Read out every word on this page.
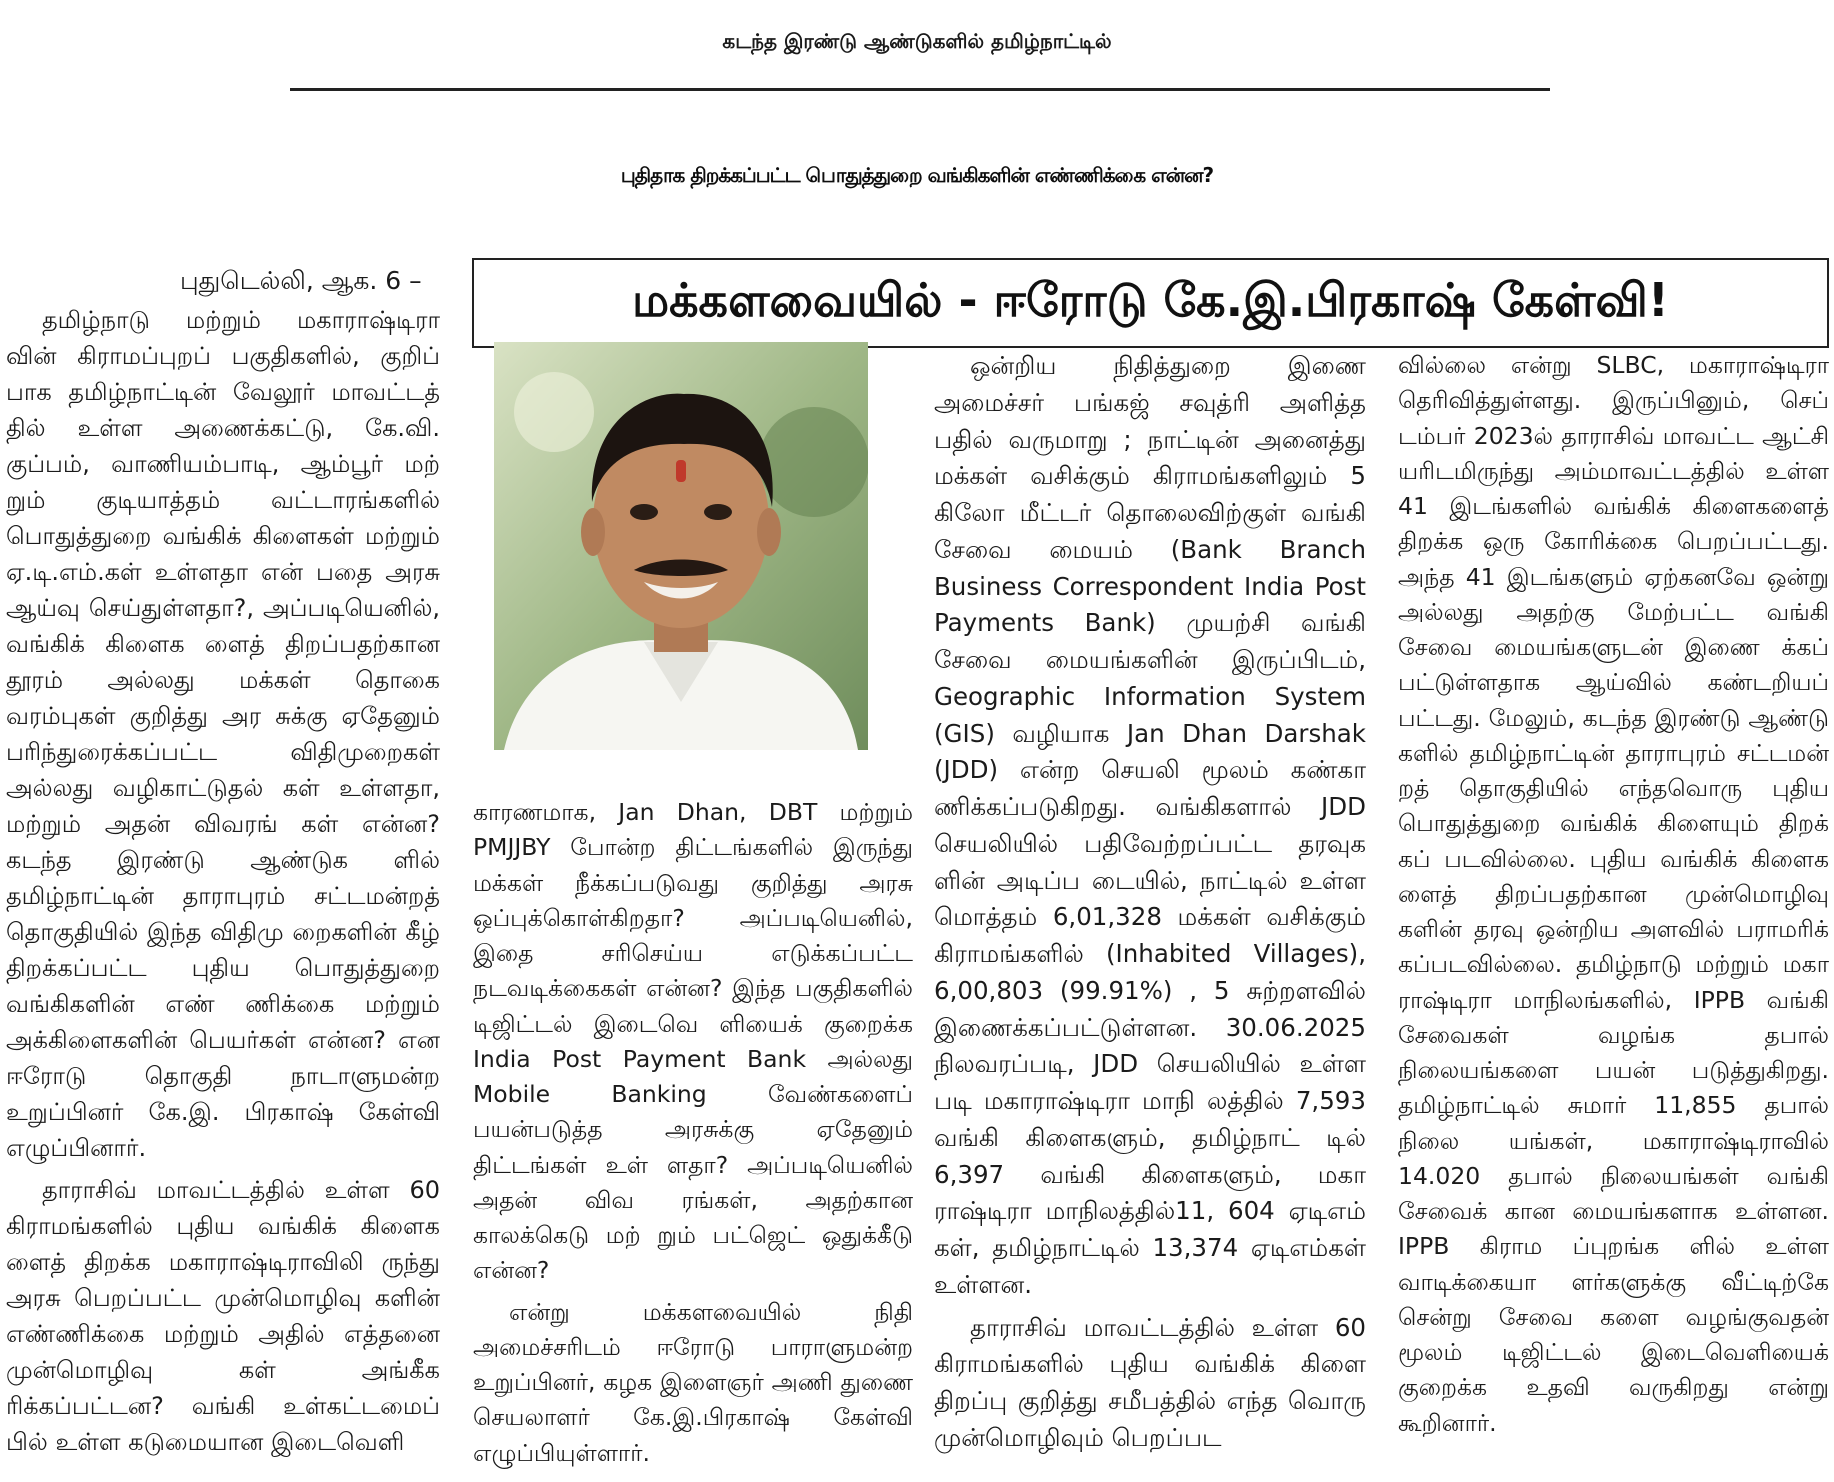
கடந்த இரண்டு ஆண்டுகளில் தமிழ்நாட்டில்
புதிதாக திறக்கப்பட்ட பொதுத்துறை வங்கிகளின் எண்ணிக்கை என்ன?
மக்களவையில் - ஈரோடு கே.இ.பிரகாஷ் கேள்வி!
புதுடெல்லி, ஆக. 6 –

தமிழ்நாடு மற்றும் மகாராஷ்டிரா வின் கிராமப்புறப் பகுதிகளில், குறிப் பாக தமிழ்நாட்டின் வேலூர் மாவட்டத் தில் உள்ள அணைக்கட்டு, கே.வி. குப்பம், வாணியம்பாடி, ஆம்பூர் மற் றும் குடியாத்தம் வட்டாரங்களில் பொதுத்துறை வங்கிக் கிளைகள் மற்றும் ஏ.டி.எம்.கள் உள்ளதா என் பதை அரசு ஆய்வு செய்துள்ளதா?, அப்படியெனில், வங்கிக் கிளைக ளைத் திறப்பதற்கான தூரம் அல்லது மக்கள் தொகை வரம்புகள் குறித்து அர சுக்கு ஏதேனும் பரிந்துரைக்கப்பட்ட விதிமுறைகள் அல்லது வழிகாட்டுதல் கள் உள்ளதா, மற்றும் அதன் விவரங் கள் என்ன? கடந்த இரண்டு ஆண்டுக ளில் தமிழ்நாட்டின் தாராபுரம் சட்டமன்றத் தொகுதியில் இந்த விதிமு றைகளின் கீழ் திறக்கப்பட்ட புதிய பொதுத்துறை வங்கிகளின் எண் ணிக்கை மற்றும் அக்கிளைகளின் பெயர்கள் என்ன? என ஈரோடு தொகுதி நாடாளுமன்ற உறுப்பினர் கே.இ. பிரகாஷ் கேள்வி எழுப்பினார்.

தாராசிவ் மாவட்டத்தில் உள்ள 60 கிராமங்களில் புதிய வங்கிக் கிளைக ளைத் திறக்க மகாராஷ்டிராவிலி ருந்து அரசு பெறப்பட்ட முன்மொழிவு களின் எண்ணிக்கை மற்றும் அதில் எத்தனை முன்மொழிவு கள் அங்கீக ரிக்கப்பட்டன? வங்கி உள்கட்டமைப் பில் உள்ள கடுமையான இடைவெளி

காரணமாக, Jan Dhan, DBT மற்றும் PMJJBY போன்ற திட்டங்களில் இருந்து மக்கள் நீக்கப்படுவது குறித்து அரசு ஒப்புக்கொள்கிறதா? அப்படியெனில், இதை சரிசெய்ய எடுக்கப்பட்ட நடவடிக்கைகள் என்ன? இந்த பகுதிகளில் டிஜிட்டல் இடைவெ ளியைக் குறைக்க India Post Payment Bank அல்லது Mobile Banking வேண்களைப் பயன்படுத்த அரசுக்கு ஏதேனும் திட்டங்கள் உள் ளதா? அப்படியெனில் அதன் விவ ரங்கள், அதற்கான காலக்கெடு மற் றும் பட்ஜெட் ஒதுக்கீடு என்ன?

என்று மக்களவையில் நிதி அமைச்சரிடம் ஈரோடு பாராளுமன்ற உறுப்பினர், கழக இளைஞர் அணி துணை செயலாளர் கே.இ.பிரகாஷ் கேள்வி எழுப்பியுள்ளார்.

ஒன்றிய நிதித்துறை இணை அமைச்சர் பங்கஜ் சவுத்ரி அளித்த பதில் வருமாறு ; நாட்டின் அனைத்து மக்கள் வசிக்கும் கிராமங்களிலும் 5 கிலோ மீட்டர் தொலைவிற்குள் வங்கி சேவை மையம் (Bank Branch Business Correspondent India Post Payments Bank) முயற்சி வங்கி சேவை மையங்களின் இருப்பிடம், Geographic Information System (GIS) வழியாக Jan Dhan Darshak (JDD) என்ற செயலி மூலம் கண்கா ணிக்கப்படுகிறது. வங்கிகளால் JDD செயலியில் பதிவேற்றப்பட்ட தரவுக ளின் அடிப்ப டையில், நாட்டில் உள்ள மொத்தம் 6,01,328 மக்கள் வசிக்கும் கிராமங்களில் (Inhabited Villages), 6,00,803 (99.91%) , 5 சுற்றளவில் இணைக்கப்பட்டுள்ளன. 30.06.2025 நிலவரப்படி, JDD செயலியில் உள்ள படி மகாராஷ்டிரா மாநி லத்தில் 7,593 வங்கி கிளைகளும், தமிழ்நாட் டில் 6,397 வங்கி கிளைகளும், மகா ராஷ்டிரா மாநிலத்தில்11, 604 ஏடிஎம் கள், தமிழ்நாட்டில் 13,374 ஏடிஎம்கள் உள்ளன.

தாராசிவ் மாவட்டத்தில் உள்ள 60 கிராமங்களில் புதிய வங்கிக் கிளை திறப்பு குறித்து சமீபத்தில் எந்த வொரு முன்மொழிவும் பெறப்பட

வில்லை என்று SLBC, மகாராஷ்டிரா தெரிவித்துள்ளது. இருப்பினும், செப் டம்பர் 2023ல் தாராசிவ் மாவட்ட ஆட்சி யரிடமிருந்து அம்மாவட்டத்தில் உள்ள 41 இடங்களில் வங்கிக் கிளைகளைத் திறக்க ஒரு கோரிக்கை பெறப்பட்டது. அந்த 41 இடங்களும் ஏற்கனவே ஒன்று அல்லது அதற்கு மேற்பட்ட வங்கி சேவை மையங்களுடன் இணை க்கப் பட்டுள்ளதாக ஆய்வில் கண்டறியப் பட்டது. மேலும், கடந்த இரண்டு ஆண்டு களில் தமிழ்நாட்டின் தாராபுரம் சட்டமன் றத் தொகுதியில் எந்தவொரு புதிய பொதுத்துறை வங்கிக் கிளையும் திறக் கப் படவில்லை. புதிய வங்கிக் கிளைக ளைத் திறப்பதற்கான முன்மொழிவு களின் தரவு ஒன்றிய அளவில் பராமரிக் கப்படவில்லை. தமிழ்நாடு மற்றும் மகா ராஷ்டிரா மாநிலங்களில், IPPB வங்கி சேவைகள் வழங்க தபால் நிலையங்களை பயன் படுத்துகிறது. தமிழ்நாட்டில் சுமார் 11,855 தபால் நிலை யங்கள், மகாராஷ்டிராவில் 14.020 தபால் நிலையங்கள் வங்கி சேவைக் கான மையங்களாக உள்ளன. IPPB கிராம ப்புறங்க ளில் உள்ள வாடிக்கையா ளர்களுக்கு வீட்டிற்கே சென்று சேவை களை வழங்குவதன் மூலம் டிஜிட்டல் இடைவெளியைக் குறைக்க உதவி வருகிறது என்று கூறினார்.
